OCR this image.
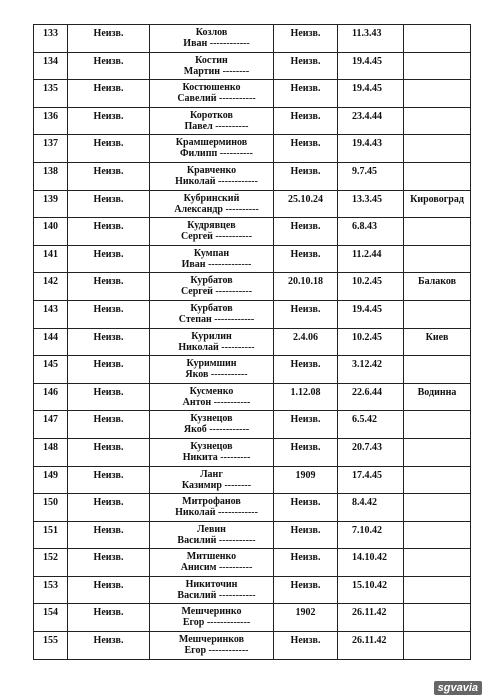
133	Неизв.	Козлов
Иван ------------	Неизв.	11.3.43	
134	Неизв.	Костин
Мартин --------	Неизв.	19.4.45	
135	Неизв.	Костюшенко
Савелий -----------	Неизв.	19.4.45	
136	Неизв.	Коротков
Павел ----------	Неизв.	23.4.44	
137	Неизв.	Крамшерминов
Филипп ----------	Неизв.	19.4.43	
138	Неизв.	Кравченко
Николай ------------	Неизв.	9.7.45	
139	Неизв.	Кубринский
Александр ----------	25.10.24	13.3.45	Кировоград
140	Неизв.	Кудрявцев
Сергей -----------	Неизв.	6.8.43	
141	Неизв.	Кумпан
Иван -------------	Неизв.	11.2.44	
142	Неизв.	Курбатов
Сергей -----------	20.10.18	10.2.45	Балаков
143	Неизв.	Курбатов
Степан ------------	Неизв.	19.4.45	
144	Неизв.	Курилин
Николай ----------	2.4.06	10.2.45	Киев
145	Неизв.	Куримшин
Яков -----------	Неизв.	3.12.42	
146	Неизв.	Кусменко
Антон -----------	1.12.08	22.6.44	Водинна
147	Неизв.	Кузнецов
Якоб ------------	Неизв.	6.5.42	
148	Неизв.	Кузнецов
Никита ---------	Неизв.	20.7.43	
149	Неизв.	Ланг
Казимир --------	1909	17.4.45	
150	Неизв.	Митрофанов
Николай ------------	Неизв.	8.4.42	
151	Неизв.	Левин
Василий -----------	Неизв.	7.10.42	
152	Неизв.	Митшенко
Анисим ----------	Неизв.	14.10.42	
153	Неизв.	Никиточин
Василий -----------	Неизв.	15.10.42	
154	Неизв.	Мешчеринко
Егор -------------	1902	26.11.42	
155	Неизв.	Мешчеринков
Егор ------------	Неизв.	26.11.42	
sgvavia
